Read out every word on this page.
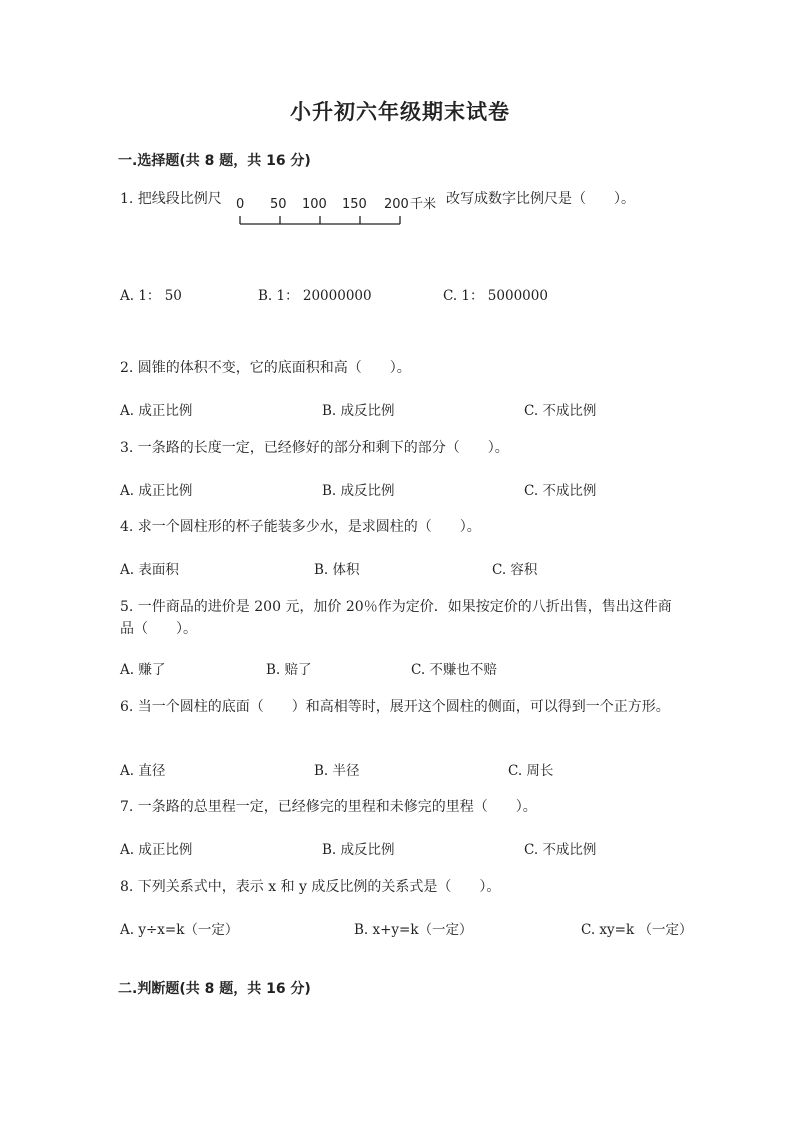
小升初六年级期末试卷
一.选择题(共 8 题，共 16 分)
1. 把线段比例尺 0 50 100 150 200 千米 改写成数字比例尺是（　　）。
A. 1： 50	B. 1： 20000000	C. 1： 5000000
2. 圆锥的体积不变，它的底面积和高（　　）。
A. 成正比例	B. 成反比例	C. 不成比例
3. 一条路的长度一定，已经修好的部分和剩下的部分（　　）。
A. 成正比例	B. 成反比例	C. 不成比例
4. 求一个圆柱形的杯子能装多少水，是求圆柱的（　　）。
A. 表面积	B. 体积	C. 容积
5. 一件商品的进价是 200 元，加价 20％作为定价．如果按定价的八折出售，售出这件商品（　　）。
A. 赚了	B. 赔了	C. 不赚也不赔
6. 当一个圆柱的底面（　　）和高相等时，展开这个圆柱的侧面，可以得到一个正方形。
A. 直径	B. 半径	C. 周长
7. 一条路的总里程一定，已经修完的里程和未修完的里程（　　）。
A. 成正比例	B. 成反比例	C. 不成比例
8. 下列关系式中，表示 x 和 y 成反比例的关系式是（　　）。
A. y÷x=k（一定）	B. x+y=k（一定）	C. xy=k （一定）
二.判断题(共 8 题，共 16 分)
